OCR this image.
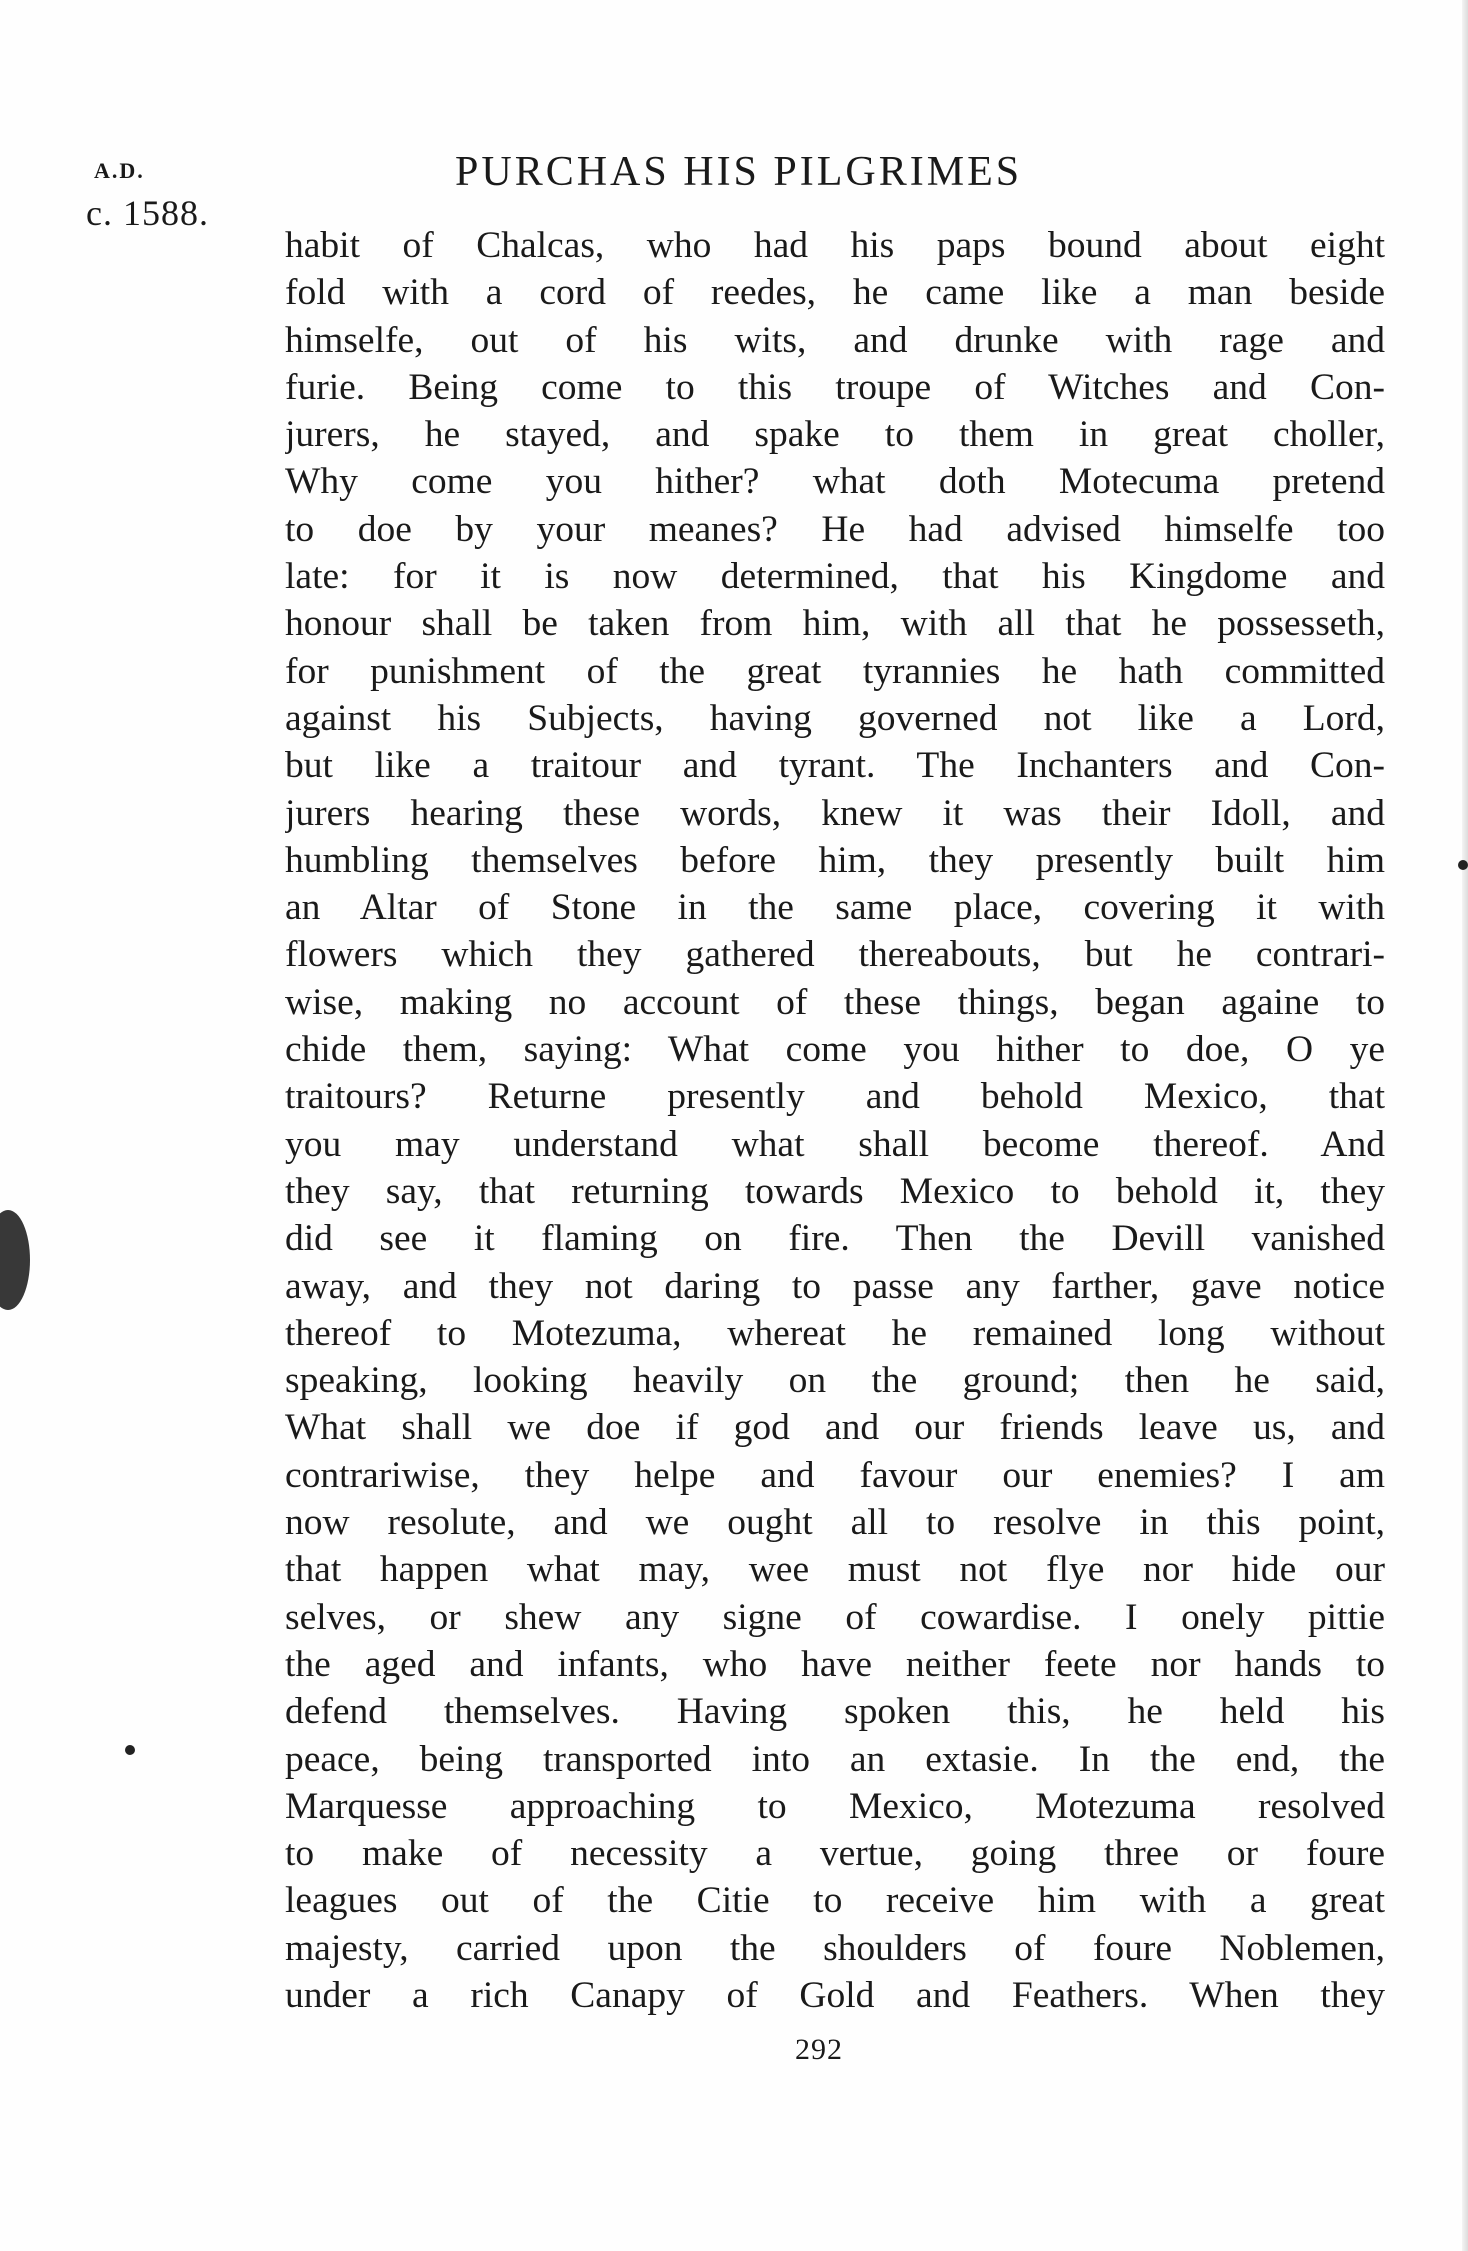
A.D.
c. 1588.
PURCHAS HIS PILGRIMES
habit of Chalcas, who had his paps bound about eight
fold with a cord of reedes, he came like a man beside
himselfe, out of his wits, and drunke with rage and
furie. Being come to this troupe of Witches and Con-
jurers, he stayed, and spake to them in great choller,
Why come you hither? what doth Motecuma pretend
to doe by your meanes? He had advised himselfe too
late: for it is now determined, that his Kingdome and
honour shall be taken from him, with all that he possesseth,
for punishment of the great tyrannies he hath committed
against his Subjects, having governed not like a Lord,
but like a traitour and tyrant. The Inchanters and Con-
jurers hearing these words, knew it was their Idoll, and
humbling themselves before him, they presently built him
an Altar of Stone in the same place, covering it with
flowers which they gathered thereabouts, but he contrari-
wise, making no account of these things, began againe to
chide them, saying: What come you hither to doe, O ye
traitours? Returne presently and behold Mexico, that
you may understand what shall become thereof. And
they say, that returning towards Mexico to behold it, they
did see it flaming on fire. Then the Devill vanished
away, and they not daring to passe any farther, gave notice
thereof to Motezuma, whereat he remained long without
speaking, looking heavily on the ground; then he said,
What shall we doe if god and our friends leave us, and
contrariwise, they helpe and favour our enemies? I am
now resolute, and we ought all to resolve in this point,
that happen what may, wee must not flye nor hide our
selves, or shew any signe of cowardise. I onely pittie
the aged and infants, who have neither feete nor hands to
defend themselves. Having spoken this, he held his
peace, being transported into an extasie. In the end, the
Marquesse approaching to Mexico, Motezuma resolved
to make of necessity a vertue, going three or foure
leagues out of the Citie to receive him with a great
majesty, carried upon the shoulders of foure Noblemen,
under a rich Canapy of Gold and Feathers. When they
292
